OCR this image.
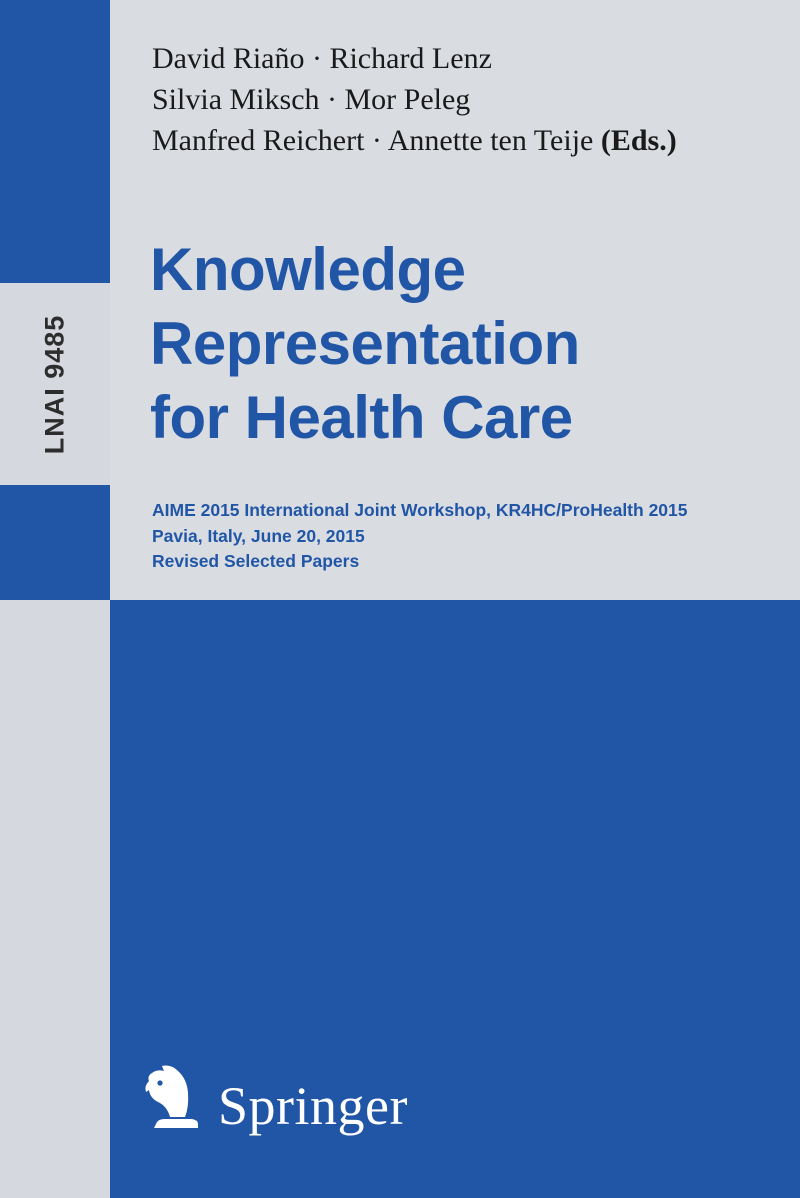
LNAI 9485
David Riaño · Richard Lenz
Silvia Miksch · Mor Peleg
Manfred Reichert · Annette ten Teije (Eds.)
Knowledge
Representation
for Health Care
AIME 2015 International Joint Workshop, KR4HC/ProHealth 2015
Pavia, Italy, June 20, 2015
Revised Selected Papers
Springer
